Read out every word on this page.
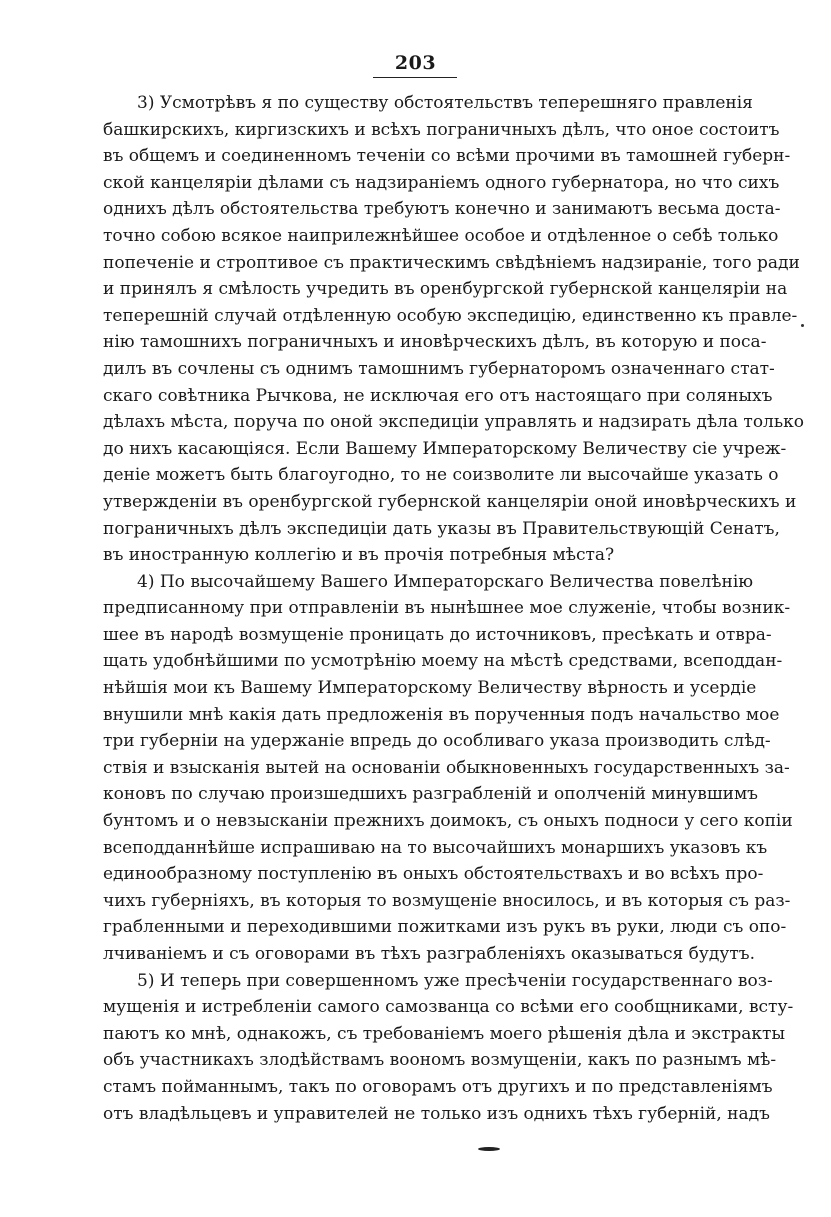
203
3) Усмотрѣвъ я по существу обстоятельствъ теперешняго правленія
башкирскихъ, киргизскихъ и всѣхъ пограничныхъ дѣлъ, что оное состоитъ
въ общемъ и соединенномъ теченіи со всѣми прочими въ тамошней губерн-
ской канцеляріи дѣлами съ надзираніемъ одного губернатора, но что сихъ
однихъ дѣлъ обстоятельства требуютъ конечно и занимаютъ весьма доста-
точно собою всякое наиприлежнѣйшее особое и отдѣленное о себѣ только
попеченіе и строптивое съ практическимъ свѣдѣніемъ надзираніе, того ради
и принялъ я смѣлость учредить въ оренбургской губернской канцеляріи на
теперешній случай отдѣленную особую экспедицію, единственно къ правле-
нію тамошнихъ пограничныхъ и иновѣрческихъ дѣлъ, въ которую и поса-
дилъ въ сочлены съ однимъ тамошнимъ губернаторомъ означеннаго стат-
скаго совѣтника Рычкова, не исключая его отъ настоящаго при соляныхъ
дѣлахъ мѣста, поруча по оной экспедиціи управлять и надзирать дѣла только
до нихъ касающіяся. Если Вашему Императорскому Величеству сіе учреж-
деніе можетъ быть благоугодно, то не соизволите ли высочайше указать о
утвержденіи въ оренбургской губернской канцеляріи оной иновѣрческихъ и
пограничныхъ дѣлъ экспедиціи дать указы въ Правительствующій Сенатъ,
въ иностранную коллегію и въ прочія потребныя мѣста?
4) По высочайшему Вашего Императорскаго Величества повелѣнію
предписанному при отправленіи въ нынѣшнее мое служеніе, чтобы возник-
шее въ народѣ возмущеніе проницать до источниковъ, пресѣкать и отвра-
щать удобнѣйшими по усмотрѣнію моему на мѣстѣ средствами, всеподдан-
нѣйшія мои къ Вашему Императорскому Величеству вѣрность и усердіе
внушили мнѣ какія дать предложенія въ порученныя подъ начальство мое
три губерніи на удержаніе впредь до особливаго указа производить слѣд-
ствія и взысканія вытей на основаніи обыкновенныхъ государственныхъ за-
коновъ по случаю произшедшихъ разграбленій и ополченій минувшимъ
бунтомъ и о невзысканіи прежнихъ доимокъ, съ оныхъ подноси у сего копіи
всеподданнѣйше испрашиваю на то высочайшихъ монаршихъ указовъ къ
единообразному поступленію въ оныхъ обстоятельствахъ и во всѣхъ про-
чихъ губерніяхъ, въ которыя то возмущеніе вносилось, и въ которыя съ раз-
грабленными и переходившими пожитками изъ рукъ въ руки, люди съ опо-
лчиваніемъ и съ оговорами въ тѣхъ разграбленіяхъ оказываться будутъ.
5) И теперь при совершенномъ уже пресѣченіи государственнаго воз-
мущенія и истребленіи самого самозванца со всѣми его сообщниками, всту-
паютъ ко мнѣ, однакожъ, съ требованіемъ моего рѣшенія дѣла и экстракты
объ участникахъ злодѣйствамъ воономъ возмущеніи, какъ по разнымъ мѣ-
стамъ пойманнымъ, такъ по оговорамъ отъ другихъ и по представленіямъ
отъ владѣльцевъ и управителей не только изъ однихъ тѣхъ губерній, надъ
